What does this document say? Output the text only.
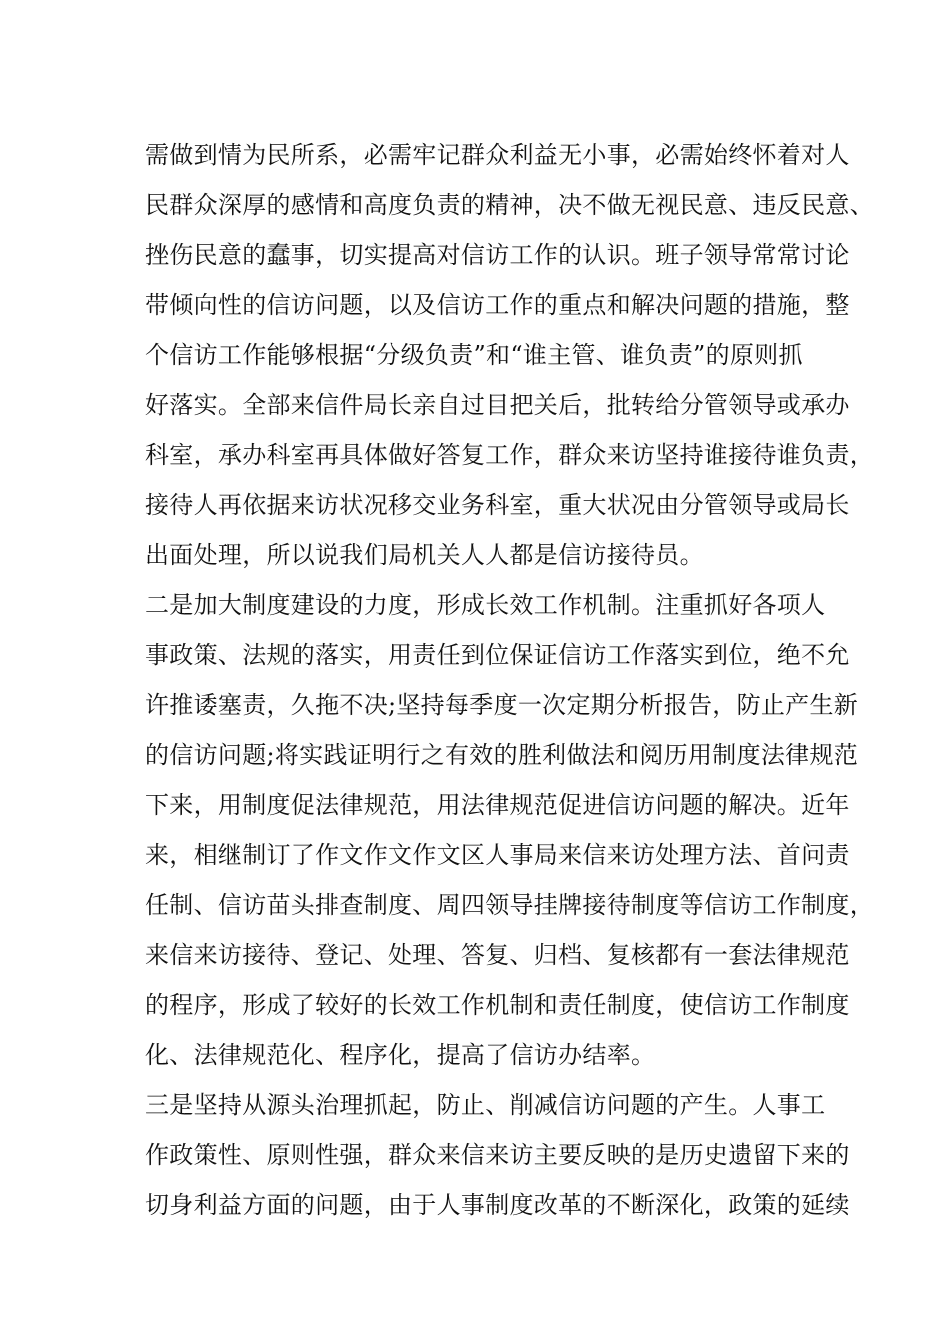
需做到情为民所系，必需牢记群众利益无小事，必需始终怀着对人
民群众深厚的感情和高度负责的精神，决不做无视民意、违反民意、
挫伤民意的蠢事，切实提高对信访工作的认识。班子领导常常讨论
带倾向性的信访问题，以及信访工作的重点和解决问题的措施，整
个信访工作能够根据“分级负责”和“谁主管、谁负责”的原则抓
好落实。全部来信件局长亲自过目把关后，批转给分管领导或承办
科室，承办科室再具体做好答复工作，群众来访坚持谁接待谁负责，
接待人再依据来访状况移交业务科室，重大状况由分管领导或局长
出面处理，所以说我们局机关人人都是信访接待员。
二是加大制度建设的力度，形成长效工作机制。注重抓好各项人
事政策、法规的落实，用责任到位保证信访工作落实到位，绝不允
许推诿塞责，久拖不决;坚持每季度一次定期分析报告，防止产生新
的信访问题;将实践证明行之有效的胜利做法和阅历用制度法律规范
下来，用制度促法律规范，用法律规范促进信访问题的解决。近年
来，相继制订了作文作文作文区人事局来信来访处理方法、首问责
任制、信访苗头排查制度、周四领导挂牌接待制度等信访工作制度，
来信来访接待、登记、处理、答复、归档、复核都有一套法律规范
的程序，形成了较好的长效工作机制和责任制度，使信访工作制度
化、法律规范化、程序化，提高了信访办结率。
三是坚持从源头治理抓起，防止、削减信访问题的产生。人事工
作政策性、原则性强，群众来信来访主要反映的是历史遗留下来的
切身利益方面的问题，由于人事制度改革的不断深化，政策的延续
